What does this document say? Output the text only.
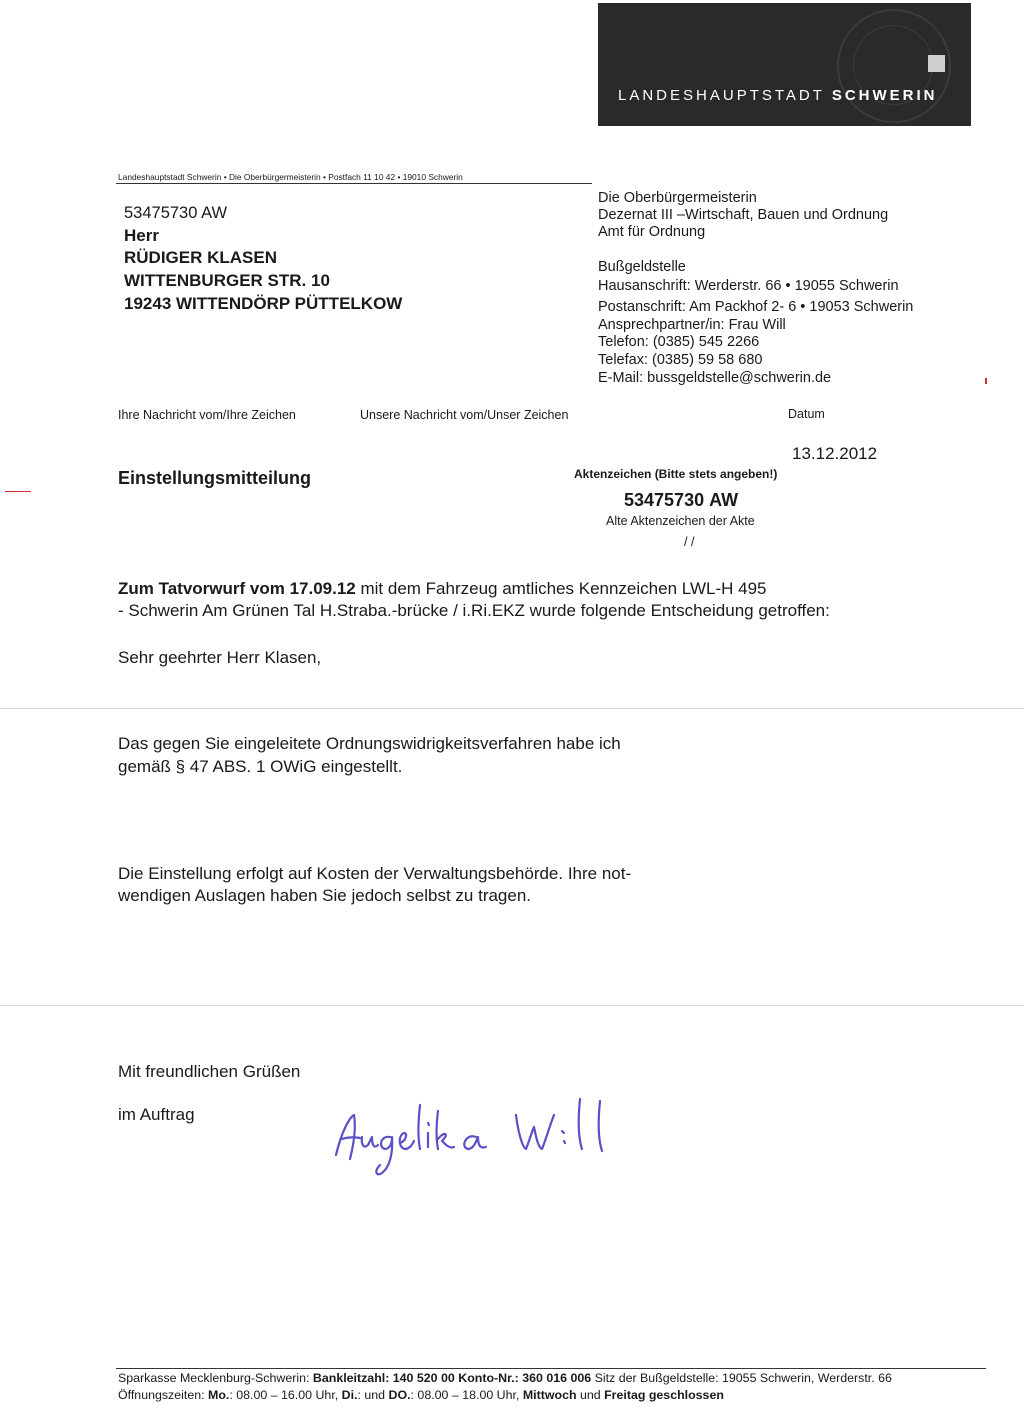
LANDESHAUPTSTADT SCHWERIN
Landeshauptstadt Schwerin • Die Oberbürgermeisterin • Postfach 11 10 42 • 19010 Schwerin
53475730 AW
Herr
RÜDIGER KLASEN
WITTENBURGER STR. 10
19243 WITTENDÖRP PÜTTELKOW
Die Oberbürgermeisterin
Dezernat III –Wirtschaft, Bauen und Ordnung
Amt für Ordnung
Bußgeldstelle
Hausanschrift: Werderstr. 66 • 19055 Schwerin
Postanschrift: Am Packhof 2- 6 • 19053 Schwerin
Ansprechpartner/in: Frau Will
Telefon: (0385) 545 2266
Telefax: (0385) 59 58 680
E-Mail: bussgeldstelle@schwerin.de
Ihre Nachricht vom/Ihre Zeichen	Unsere Nachricht vom/Unser Zeichen	Datum
13.12.2012
Einstellungsmitteilung	Aktenzeichen (Bitte stets angeben!)
53475730 AW
Alte Aktenzeichen der Akte
/ /
Zum Tatvorwurf vom 17.09.12 mit dem Fahrzeug amtliches Kennzeichen LWL-H 495
- Schwerin Am Grünen Tal H.Straba.-brücke / i.Ri.EKZ wurde folgende Entscheidung getroffen:
Sehr geehrter Herr Klasen,
Das gegen Sie eingeleitete Ordnungswidrigkeitsverfahren habe ich
gemäß § 47 ABS. 1 OWiG eingestellt.
Die Einstellung erfolgt auf Kosten der Verwaltungsbehörde. Ihre not-
wendigen Auslagen haben Sie jedoch selbst zu tragen.
Mit freundlichen Grüßen
im Auftrag
Sparkasse Mecklenburg-Schwerin: Bankleitzahl: 140 520 00 Konto-Nr.: 360 016 006 Sitz der Bußgeldstelle: 19055 Schwerin, Werderstr. 66
Öffnungszeiten: Mo.: 08.00 – 16.00 Uhr, Di.: und DO.: 08.00 – 18.00 Uhr, Mittwoch und Freitag geschlossen
